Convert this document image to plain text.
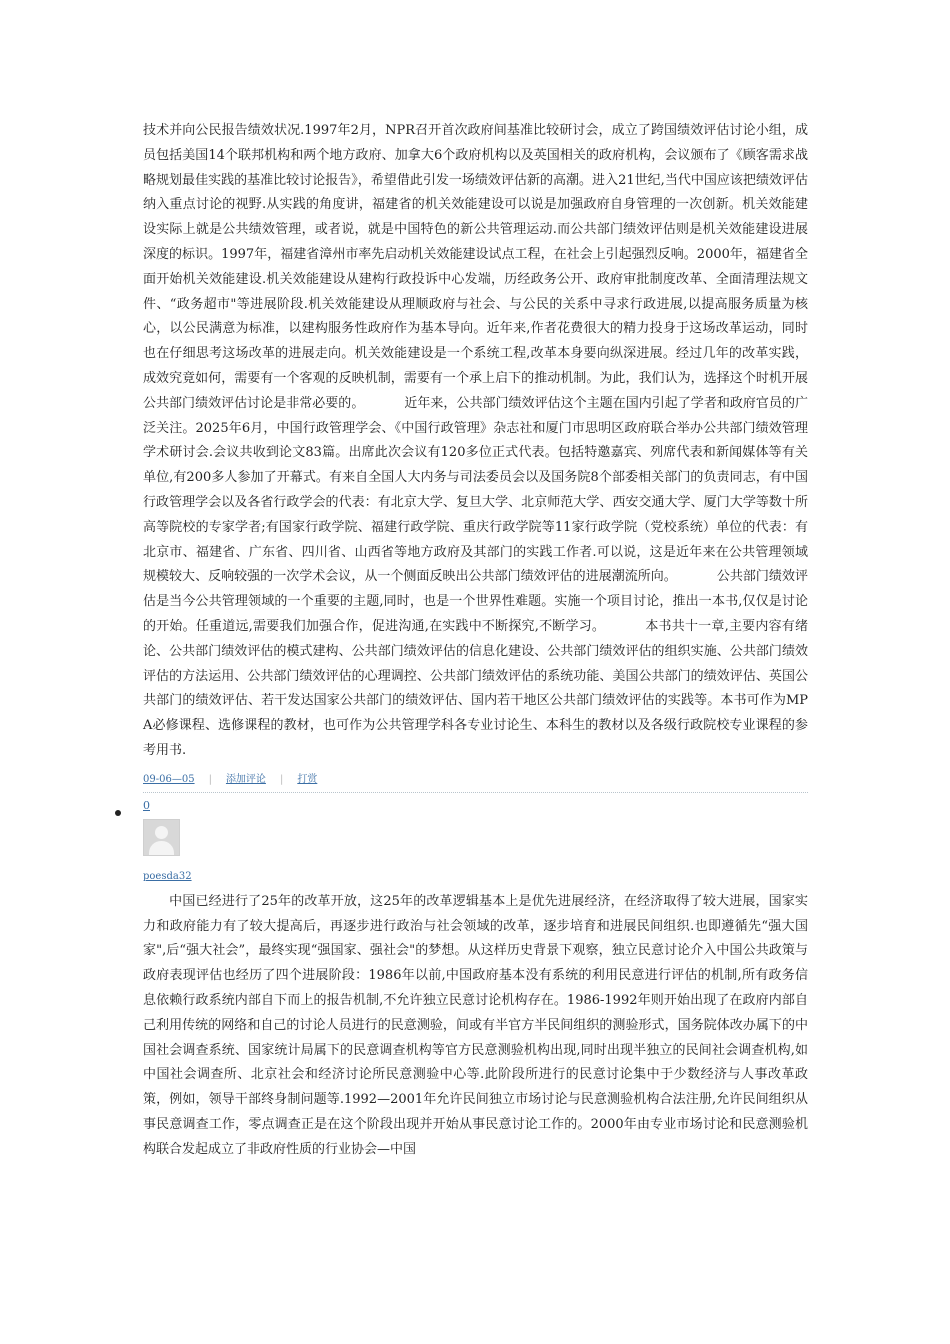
技术并向公民报告绩效状况.1997年2月，NPR召开首次政府间基准比较研讨会，成立了跨国绩效评估讨论小组，成员包括美国14个联邦机构和两个地方政府、加拿大6个政府机构以及英国相关的政府机构，会议颁布了《顾客需求战略规划最佳实践的基准比较讨论报告》，希望借此引发一场绩效评估新的高潮。进入21世纪,当代中国应该把绩效评估纳入重点讨论的视野.从实践的角度讲，福建省的机关效能建设可以说是加强政府自身管理的一次创新。机关效能建设实际上就是公共绩效管理，或者说，就是中国特色的新公共管理运动.而公共部门绩效评估则是机关效能建设进展深度的标识。1997年，福建省漳州市率先启动机关效能建设试点工程，在社会上引起强烈反响。2000年，福建省全面开始机关效能建设.机关效能建设从建构行政投诉中心发端，历经政务公开、政府审批制度改革、全面清理法规文件、“政务超市"等进展阶段.机关效能建设从理顺政府与社会、与公民的关系中寻求行政进展,以提高服务质量为核心，以公民满意为标准，以建构服务性政府作为基本导向。近年来,作者花费很大的精力投身于这场改革运动，同时也在仔细思考这场改革的进展走向。机关效能建设是一个系统工程,改革本身要向纵深进展。经过几年的改革实践，成效究竟如何，需要有一个客观的反映机制，需要有一个承上启下的推动机制。为此，我们认为，选择这个时机开展公共部门绩效评估讨论是非常必要的。	近年来，公共部门绩效评估这个主题在国内引起了学者和政府官员的广泛关注。2025年6月，中国行政管理学会、《中国行政管理》杂志社和厦门市思明区政府联合举办公共部门绩效管理学术研讨会.会议共收到论文83篇。出席此次会议有120多位正式代表。包括特邀嘉宾、列席代表和新闻媒体等有关单位,有200多人参加了开幕式。有来自全国人大内务与司法委员会以及国务院8个部委相关部门的负责同志，有中国行政管理学会以及各省行政学会的代表：有北京大学、复旦大学、北京师范大学、西安交通大学、厦门大学等数十所高等院校的专家学者;有国家行政学院、福建行政学院、重庆行政学院等11家行政学院（党校系统）单位的代表：有北京市、福建省、广东省、四川省、山西省等地方政府及其部门的实践工作者.可以说，这是近年来在公共管理领域规模较大、反响较强的一次学术会议，从一个侧面反映出公共部门绩效评估的进展潮流所向。	公共部门绩效评估是当今公共管理领域的一个重要的主题,同时，也是一个世界性难题。实施一个项目讨论，推出一本书,仅仅是讨论的开始。任重道远,需要我们加强合作，促进沟通,在实践中不断探究,不断学习。	本书共十一章,主要内容有绪论、公共部门绩效评估的模式建构、公共部门绩效评估的信息化建设、公共部门绩效评估的组织实施、公共部门绩效评估的方法运用、公共部门绩效评估的心理调控、公共部门绩效评估的系统功能、美国公共部门的绩效评估、英国公共部门的绩效评估、若干发达国家公共部门的绩效评估、国内若干地区公共部门绩效评估的实践等。本书可作为MPA必修课程、选修课程的教材，也可作为公共管理学科各专业讨论生、本科生的教材以及各级行政院校专业课程的参考用书.

09-06—05 | 添加评论 | 打赏
0
poesda32

中国已经进行了25年的改革开放，这25年的改革逻辑基本上是优先进展经济，在经济取得了较大进展，国家实力和政府能力有了较大提高后，再逐步进行政治与社会领域的改革，逐步培育和进展民间组织.也即遵循先“强大国家",后“强大社会”，最终实现“强国家、强社会"的梦想。从这样历史背景下观察，独立民意讨论介入中国公共政策与政府表现评估也经历了四个进展阶段：1986年以前,中国政府基本没有系统的利用民意进行评估的机制,所有政务信息依赖行政系统内部自下而上的报告机制,不允许独立民意讨论机构存在。1986-1992年则开始出现了在政府内部自己利用传统的网络和自己的讨论人员进行的民意测验，间或有半官方半民间组织的测验形式，国务院体改办属下的中国社会调查系统、国家统计局属下的民意调查机构等官方民意测验机构出现,同时出现半独立的民间社会调查机构,如中国社会调查所、北京社会和经济讨论所民意测验中心等.此阶段所进行的民意讨论集中于少数经济与人事改革政策，例如，领导干部终身制问题等.1992—2001年允许民间独立市场讨论与民意测验机构合法注册,允许民间组织从事民意调查工作，零点调查正是在这个阶段出现并开始从事民意讨论工作的。2000年由专业市场讨论和民意测验机构联合发起成立了非政府性质的行业协会—中国
